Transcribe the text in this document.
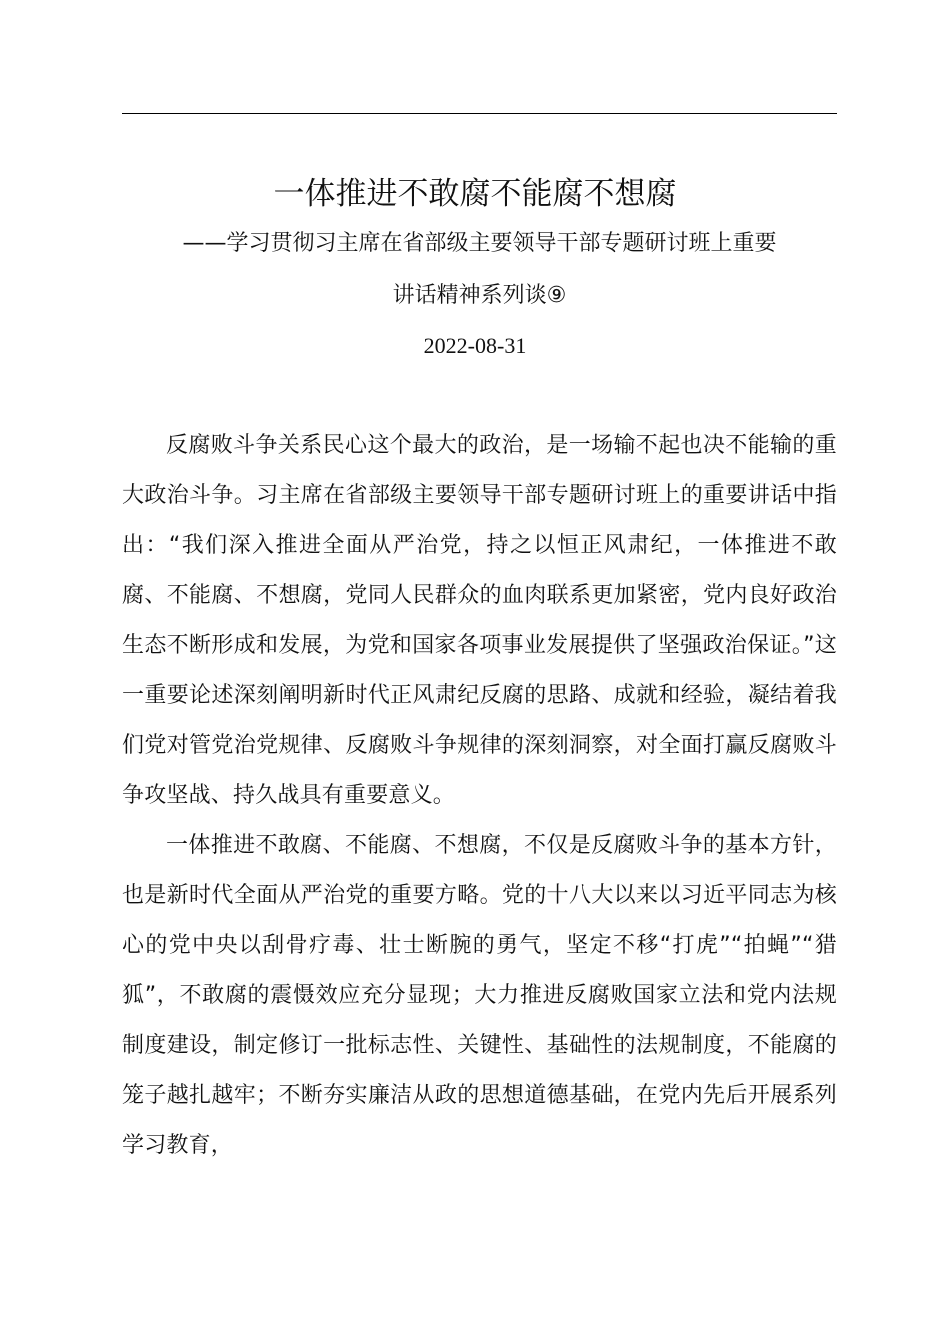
一体推进不敢腐不能腐不想腐
——学习贯彻习主席在省部级主要领导干部专题研讨班上重要
讲话精神系列谈⑨
2022-08-31

反腐败斗争关系民心这个最大的政治，是一场输不起也决不能输的重大政治斗争。习主席在省部级主要领导干部专题研讨班上的重要讲话中指出：“我们深入推进全面从严治党，持之以恒正风肃纪，一体推进不敢腐、不能腐、不想腐，党同人民群众的血肉联系更加紧密，党内良好政治生态不断形成和发展，为党和国家各项事业发展提供了坚强政治保证。”这一重要论述深刻阐明新时代正风肃纪反腐的思路、成就和经验，凝结着我们党对管党治党规律、反腐败斗争规律的深刻洞察，对全面打赢反腐败斗争攻坚战、持久战具有重要意义。

一体推进不敢腐、不能腐、不想腐，不仅是反腐败斗争的基本方针，也是新时代全面从严治党的重要方略。党的十八大以来以习近平同志为核心的党中央以刮骨疗毒、壮士断腕的勇气，坚定不移“打虎”“拍蝇”“猎狐”，不敢腐的震慑效应充分显现；大力推进反腐败国家立法和党内法规制度建设，制定修订一批标志性、关键性、基础性的法规制度，不能腐的笼子越扎越牢；不断夯实廉洁从政的思想道德基础，在党内先后开展系列学习教育，
